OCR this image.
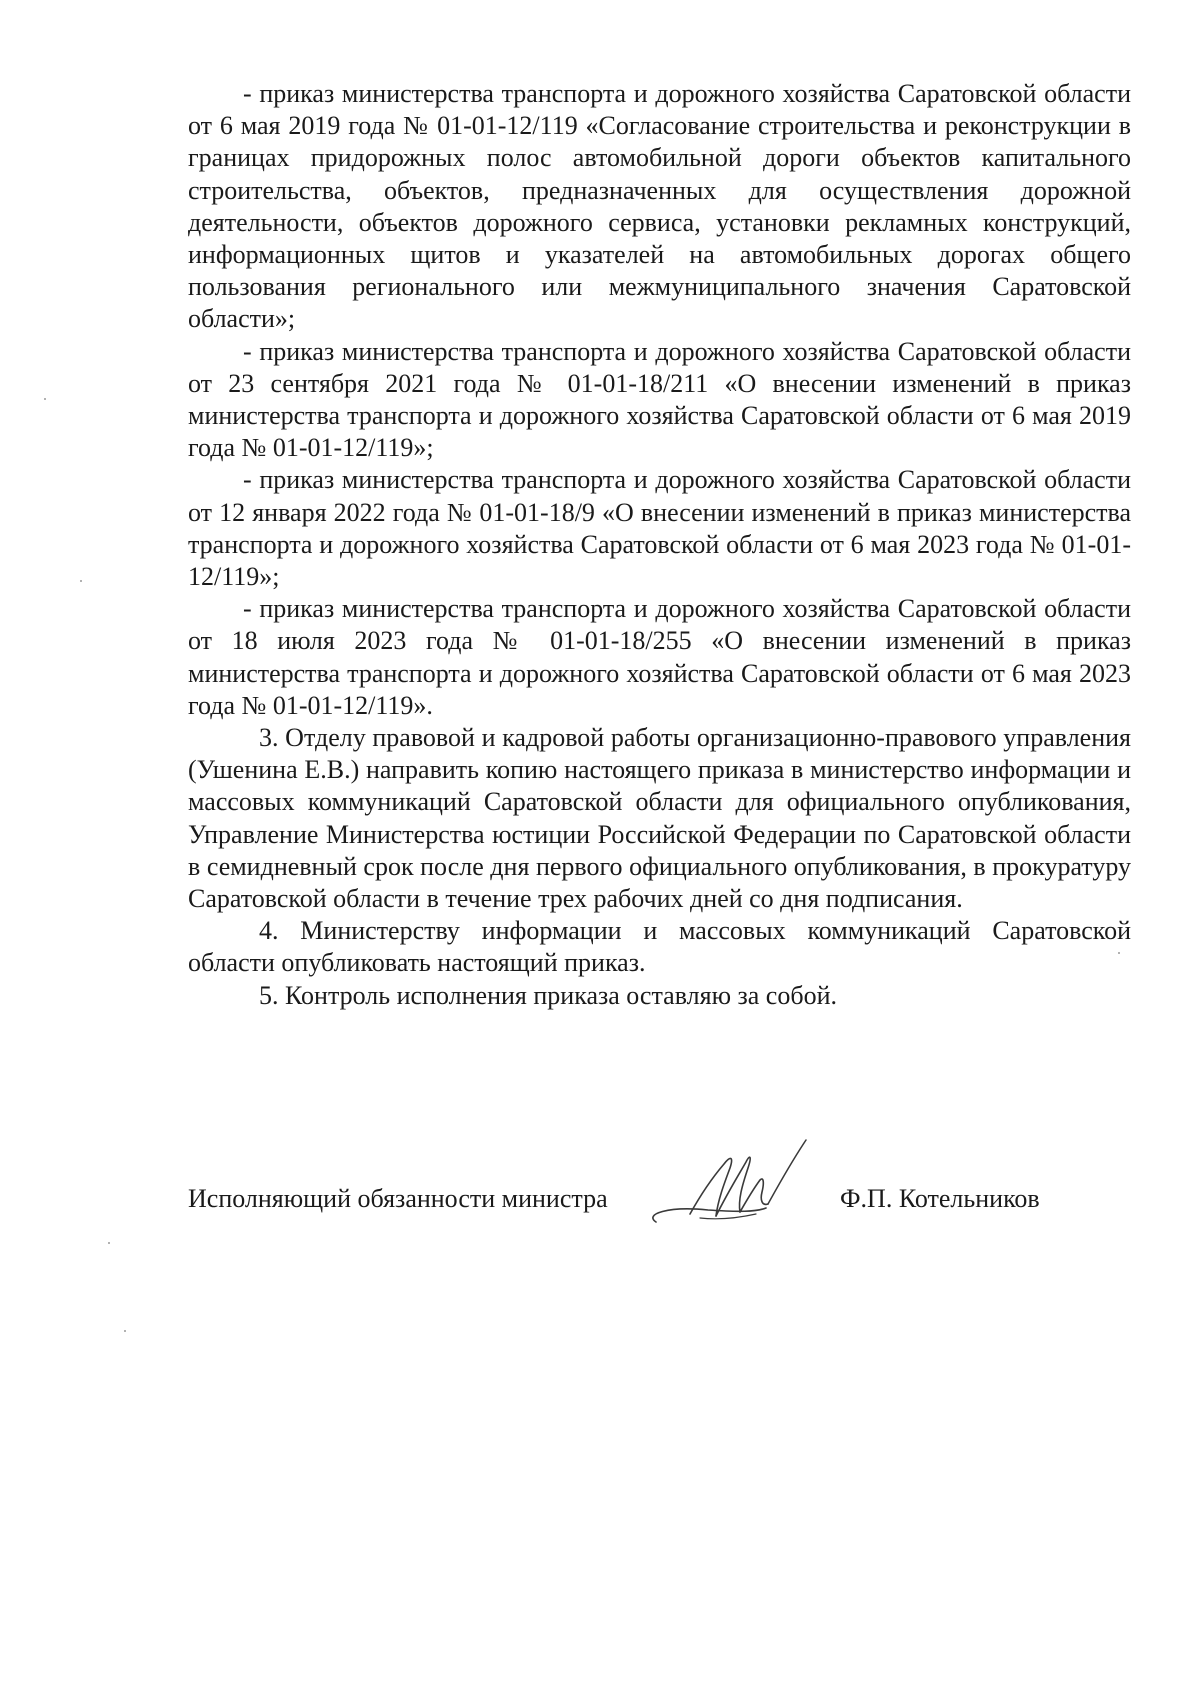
- приказ министерства транспорта и дорожного хозяйства Саратовской области от 6 мая 2019 года № 01-01-12/119 «Согласование строительства и реконструкции в границах придорожных полос автомобильной дороги объектов капитального строительства, объектов, предназначенных для осуществления дорожной деятельности, объектов дорожного сервиса, установки рекламных конструкций, информационных щитов и указателей на автомобильных дорогах общего пользования регионального или межмуниципального значения Саратовской области»;

- приказ министерства транспорта и дорожного хозяйства Саратовской области от 23 сентября 2021 года № 01-01-18/211 «О внесении изменений в приказ министерства транспорта и дорожного хозяйства Саратовской области от 6 мая 2019 года № 01-01-12/119»;

- приказ министерства транспорта и дорожного хозяйства Саратовской области от 12 января 2022 года № 01-01-18/9 «О внесении изменений в приказ министерства транспорта и дорожного хозяйства Саратовской области от 6 мая 2023 года № 01-01-12/119»;

- приказ министерства транспорта и дорожного хозяйства Саратовской области от 18 июля 2023 года № 01-01-18/255 «О внесении изменений в приказ министерства транспорта и дорожного хозяйства Саратовской области от 6 мая 2023 года № 01-01-12/119».

3. Отделу правовой и кадровой работы организационно-правового управления (Ушенина Е.В.) направить копию настоящего приказа в министерство информации и массовых коммуникаций Саратовской области для официального опубликования, Управление Министерства юстиции Российской Федерации по Саратовской области в семидневный срок после дня первого официального опубликования, в прокуратуру Саратовской области в течение трех рабочих дней со дня подписания.

4. Министерству информации и массовых коммуникаций Саратовской области опубликовать настоящий приказ.

5. Контроль исполнения приказа оставляю за собой.

Исполняющий обязанности министра	Ф.П. Котельников
